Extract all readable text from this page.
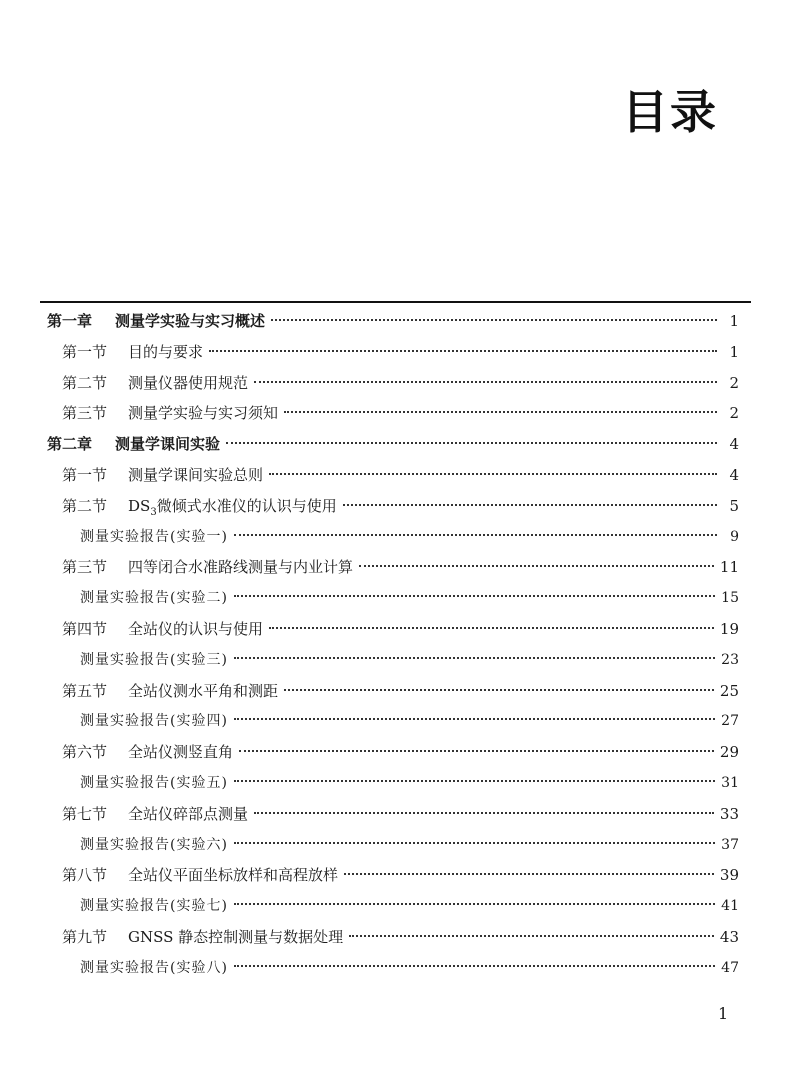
目录
第一章	测量学实验与实习概述	1
第一节	目的与要求	1
第二节	测量仪器使用规范	2
第三节	测量学实验与实习须知	2
第二章	测量学课间实验	4
第一节	测量学课间实验总则	4
第二节	$DS_3$微倾式水准仪的认识与使用	5
测量实验报告(实验一)	9
第三节	四等闭合水准路线测量与内业计算	11
测量实验报告(实验二)	15
第四节	全站仪的认识与使用	19
测量实验报告(实验三)	23
第五节	全站仪测水平角和测距	25
测量实验报告(实验四)	27
第六节	全站仪测竖直角	29
测量实验报告(实验五)	31
第七节	全站仪碎部点测量	33
测量实验报告(实验六)	37
第八节	全站仪平面坐标放样和高程放样	39
测量实验报告(实验七)	41
第九节	GNSS 静态控制测量与数据处理	43
测量实验报告(实验八)	47
1
